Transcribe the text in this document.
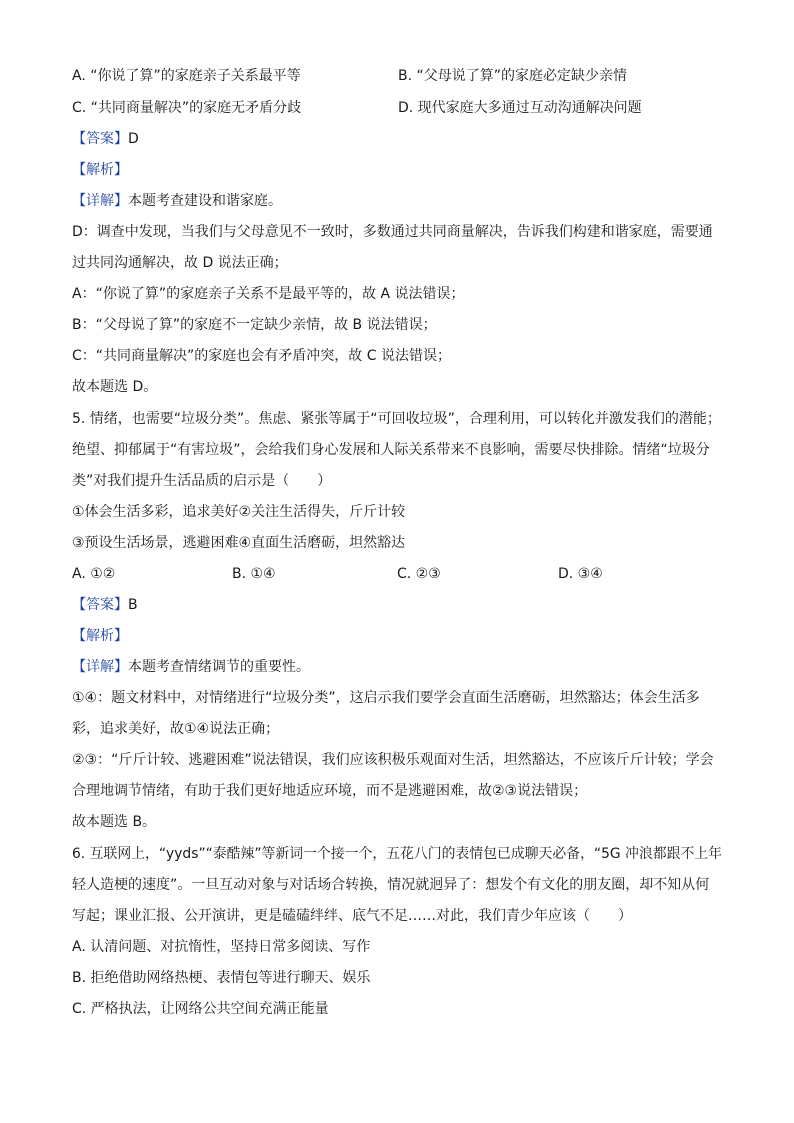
A. “你说了算”的家庭亲子关系最平等	B. “父母说了算”的家庭必定缺少亲情
C. “共同商量解决”的家庭无矛盾分歧	D. 现代家庭大多通过互动沟通解决问题
【答案】D
【解析】
【详解】本题考查建设和谐家庭。
D：调查中发现，当我们与父母意见不一致时，多数通过共同商量解决，告诉我们构建和谐家庭，需要通
过共同沟通解决，故 D 说法正确；
A：“你说了算”的家庭亲子关系不是最平等的，故 A 说法错误；
B：“父母说了算”的家庭不一定缺少亲情，故 B 说法错误；
C：“共同商量解决”的家庭也会有矛盾冲突，故 C 说法错误；
故本题选 D。
5. 情绪，也需要“垃圾分类”。焦虑、紧张等属于“可回收垃圾”，合理利用，可以转化并激发我们的潜能；
绝望、抑郁属于“有害垃圾”，会给我们身心发展和人际关系带来不良影响，需要尽快排除。情绪“垃圾分
类”对我们提升生活品质的启示是（　　）
①体会生活多彩，追求美好②关注生活得失，斤斤计较
③预设生活场景，逃避困难④直面生活磨砺，坦然豁达
A. ①②	B. ①④	C. ②③	D. ③④
【答案】B
【解析】
【详解】本题考查情绪调节的重要性。
①④：题文材料中，对情绪进行“垃圾分类”，这启示我们要学会直面生活磨砺，坦然豁达；体会生活多
彩，追求美好，故①④说法正确；
②③：“斤斤计较、逃避困难”说法错误，我们应该积极乐观面对生活，坦然豁达，不应该斤斤计较；学会
合理地调节情绪，有助于我们更好地适应环境，而不是逃避困难，故②③说法错误；
故本题选 B。
6. 互联网上，“yyds”“泰酷辣”等新词一个接一个，五花八门的表情包已成聊天必备，“5G 冲浪都跟不上年
轻人造梗的速度”。一旦互动对象与对话场合转换，情况就迥异了：想发个有文化的朋友圈，却不知从何
写起；课业汇报、公开演讲，更是磕磕绊绊、底气不足……对此，我们青少年应该（　　）
A. 认清问题、对抗惰性，坚持日常多阅读、写作
B. 拒绝借助网络热梗、表情包等进行聊天、娱乐
C. 严格执法，让网络公共空间充满正能量
